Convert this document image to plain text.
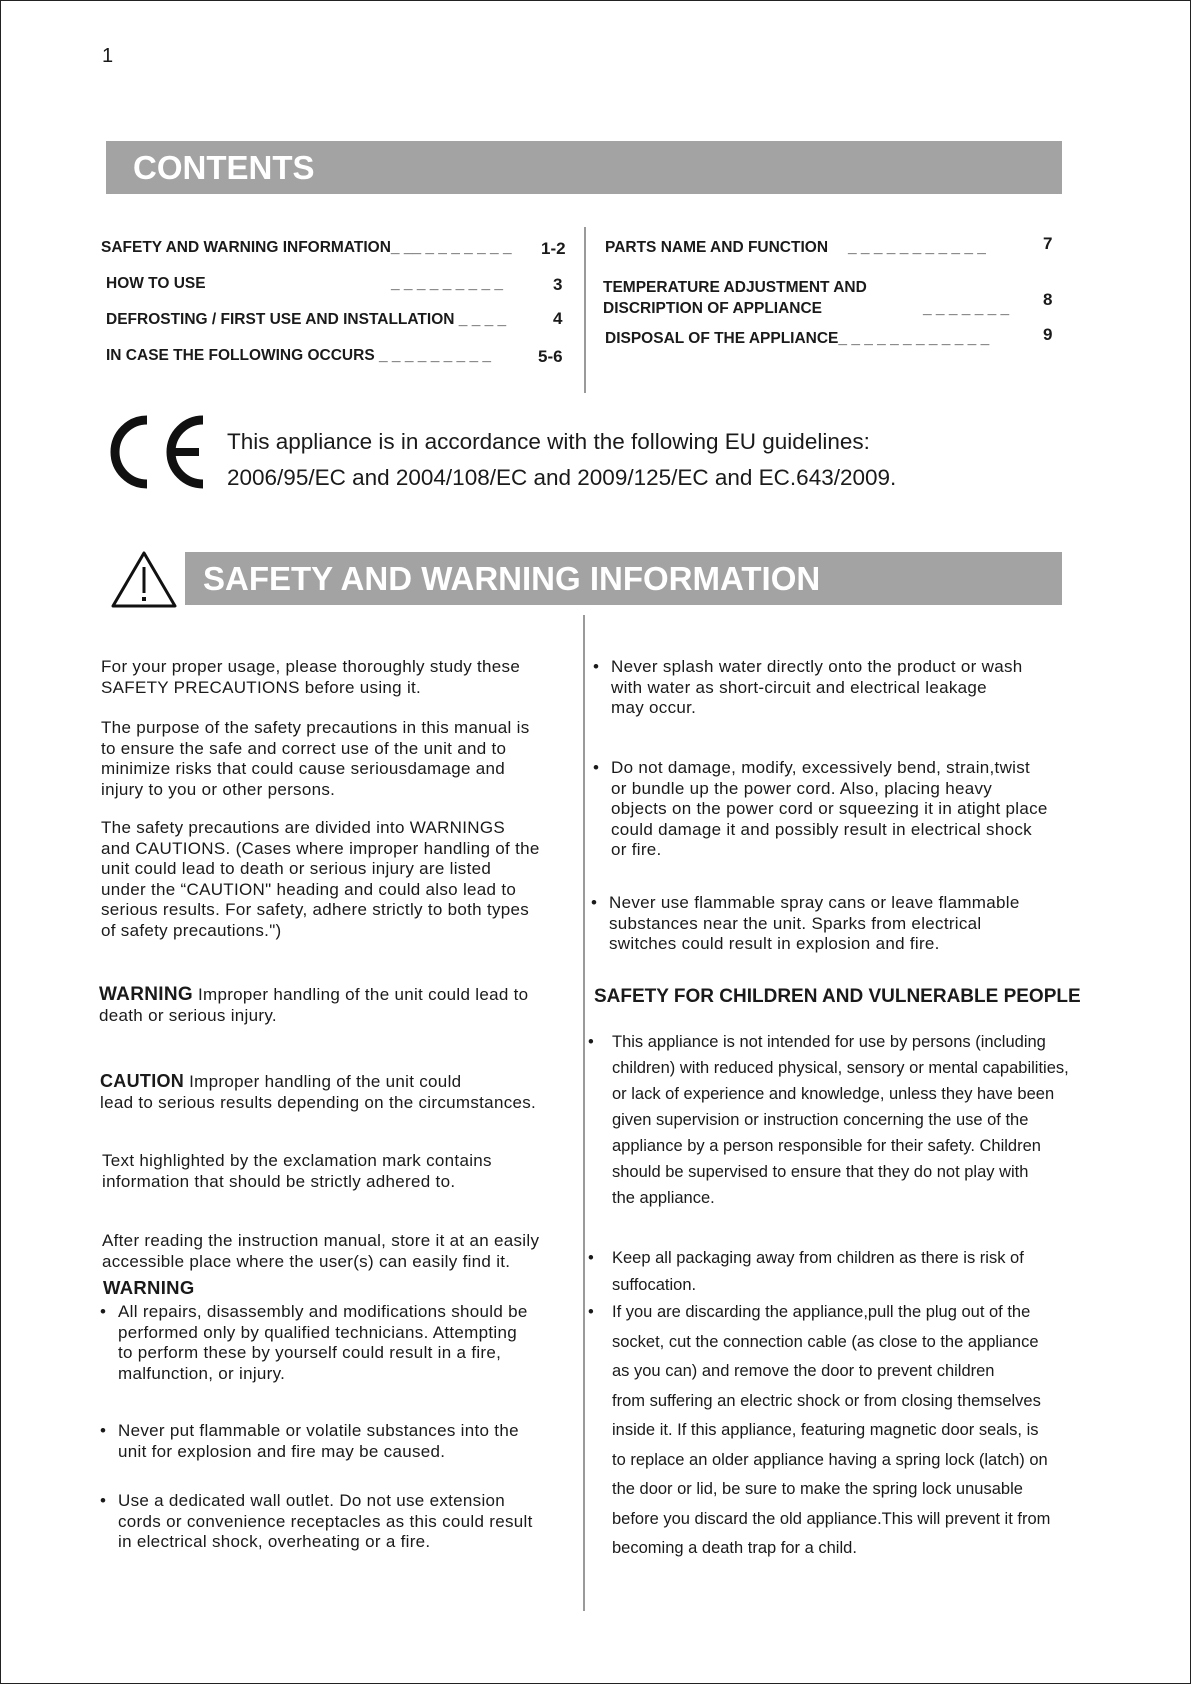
1
CONTENTS
SAFETY AND WARNING INFORMATION_ __ _ _ _ _ _ _ _ 1-2
HOW TO USE	_ _ _ _ _ _ _ _ _	3
DEFROSTING / FIRST USE AND INSTALLATION _ _ _ _	4
IN CASE THE FOLLOWING OCCURS _ _ _ _ _ _ _ _ _	5-6
PARTS NAME AND FUNCTION _ _ _ _ _ _ _ _ _ _ _	7
TEMPERATURE ADJUSTMENT AND
DISCRIPTION OF APPLIANCE	_ _ _ _ _ _ _ 8
DISPOSAL OF THE APPLIANCE_ _ _ _ _ _ _ _ _ _ _ _	9
This appliance is in accordance with the following EU guidelines:
2006/95/EC and 2004/108/EC and 2009/125/EC and EC.643/2009.
SAFETY AND WARNING INFORMATION
For your proper usage, please thoroughly study these
SAFETY PRECAUTIONS before using it.
The purpose of the safety precautions in this manual is
to ensure the safe and correct use of the unit and to
minimize risks that could cause seriousdamage and
injury to you or other persons.
The safety precautions are divided into WARNINGS
and CAUTIONS. (Cases where improper handling of the
unit could lead to death or serious injury are listed
under the “CAUTION" heading and could also lead to
serious results. For safety, adhere strictly to both types
of safety precautions.")
WARNING Improper handling of the unit could lead to
death or serious injury.
CAUTION Improper handling of the unit could
lead to serious results depending on the circumstances.
Text highlighted by the exclamation mark contains
information that should be strictly adhered to.
After reading the instruction manual, store it at an easily
accessible place where the user(s) can easily find it.
WARNING
• All repairs, disassembly and modifications should be
performed only by qualified technicians. Attempting
to perform these by yourself could result in a fire,
malfunction, or injury.
• Never put flammable or volatile substances into the
unit for explosion and fire may be caused.
• Use a dedicated wall outlet. Do not use extension
cords or convenience receptacles as this could result
in electrical shock, overheating or a fire.
• Never splash water directly onto the product or wash
with water as short-circuit and electrical leakage
may occur.
• Do not damage, modify, excessively bend, strain,twist
or bundle up the power cord. Also, placing heavy
objects on the power cord or squeezing it in atight place
could damage it and possibly result in electrical shock
or fire.
• Never use flammable spray cans or leave flammable
substances near the unit. Sparks from electrical
switches could result in explosion and fire.
SAFETY FOR CHILDREN AND VULNERABLE PEOPLE
• This appliance is not intended for use by persons (including
children) with reduced physical, sensory or mental capabilities,
or lack of experience and knowledge, unless they have been
given supervision or instruction concerning the use of the
appliance by a person responsible for their safety. Children
should be supervised to ensure that they do not play with
the appliance.
• Keep all packaging away from children as there is risk of
suffocation.
• If you are discarding the appliance,pull the plug out of the
socket, cut the connection cable (as close to the appliance
as you can) and remove the door to prevent children
from suffering an electric shock or from closing themselves
inside it. If this appliance, featuring magnetic door seals, is
to replace an older appliance having a spring lock (latch) on
the door or lid, be sure to make the spring lock unusable
before you discard the old appliance.This will prevent it from
becoming a death trap for a child.
